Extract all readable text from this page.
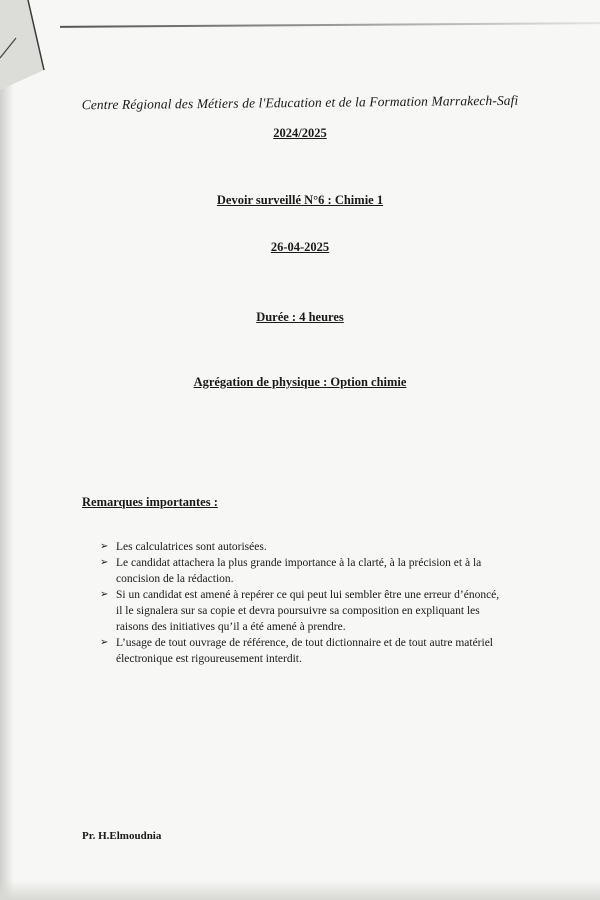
Centre Régional des Métiers de l'Education et de la Formation Marrakech-Safi

2024/2025

Devoir surveillé N°6 : Chimie 1

26-04-2025

Durée : 4 heures

Agrégation de physique : Option chimie

Remarques importantes :

➢ Les calculatrices sont autorisées.
➢ Le candidat attachera la plus grande importance à la clarté, à la précision et à la concision de la rédaction.
➢ Si un candidat est amené à repérer ce qui peut lui sembler être une erreur d’énoncé, il le signalera sur sa copie et devra poursuivre sa composition en expliquant les raisons des initiatives qu’il a été amené à prendre.
➢ L’usage de tout ouvrage de référence, de tout dictionnaire et de tout autre matériel électronique est rigoureusement interdit.

Pr. H.Elmoudnia
